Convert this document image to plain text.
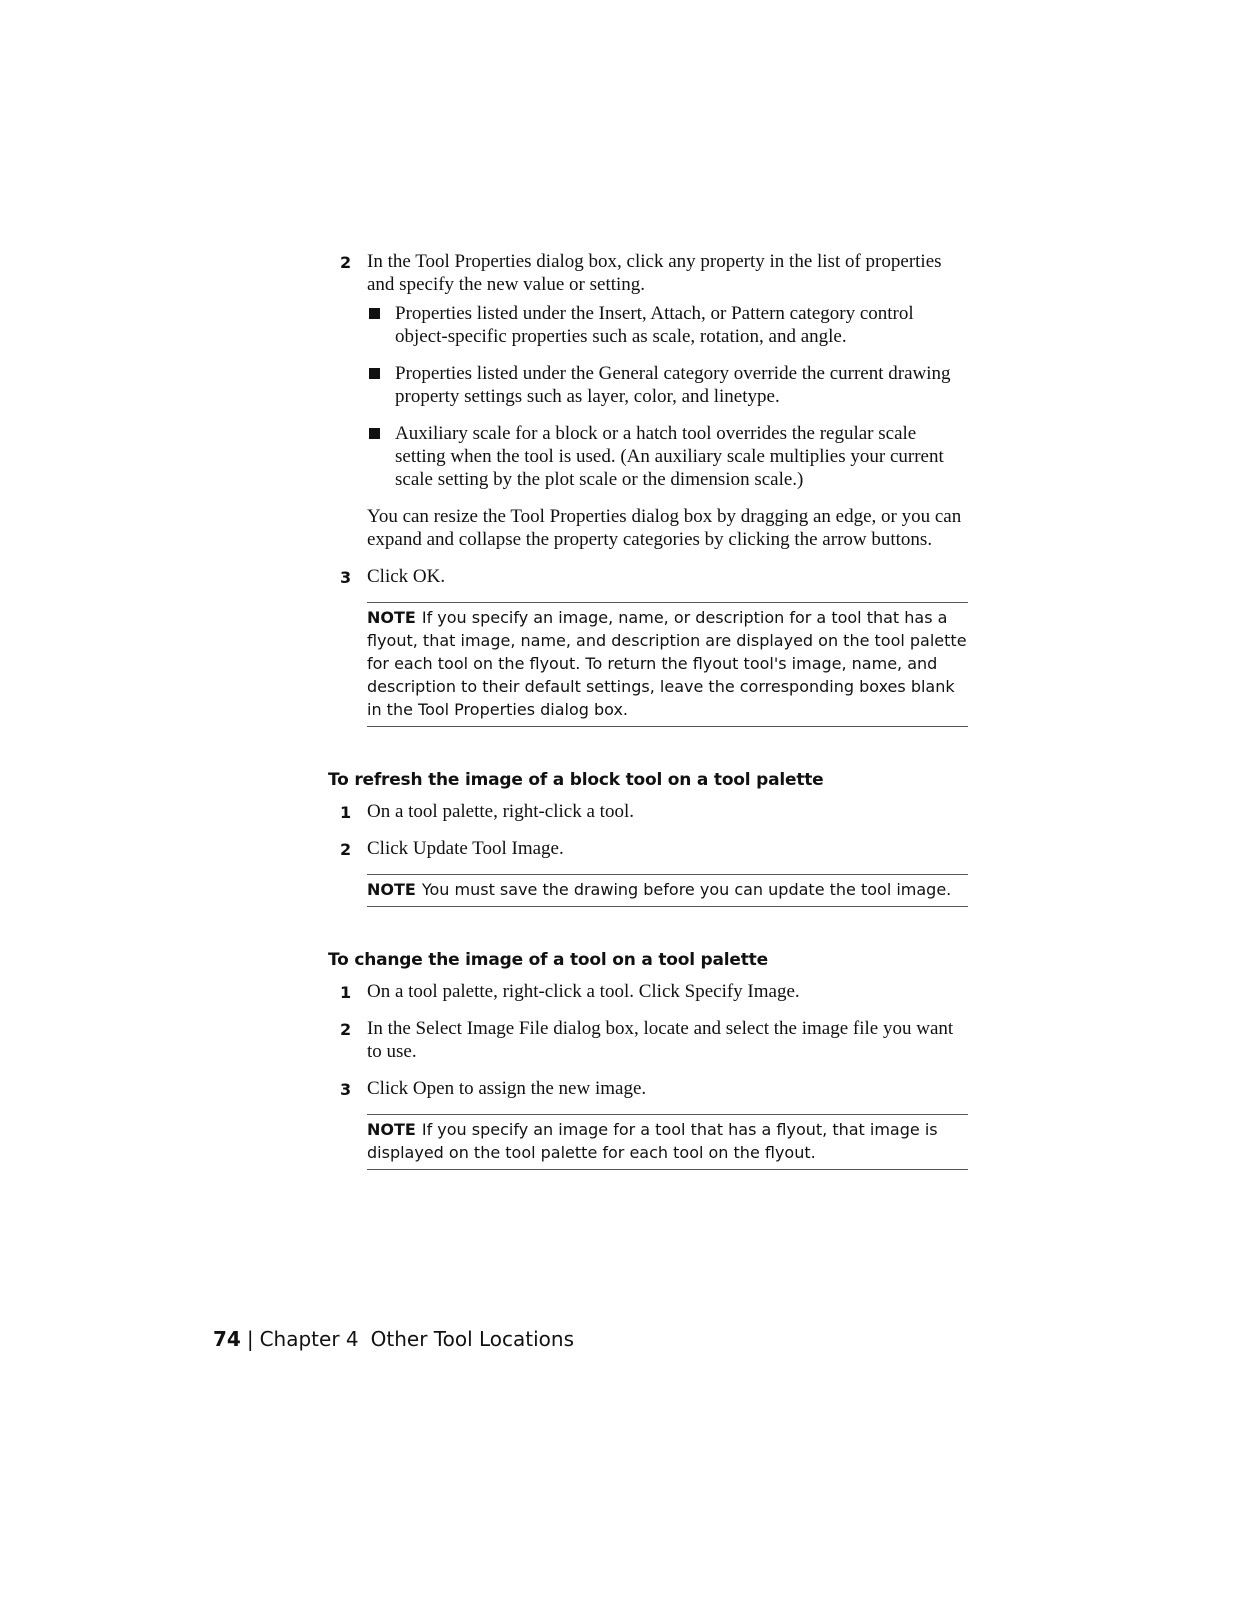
2 In the Tool Properties dialog box, click any property in the list of properties and specify the new value or setting.
Properties listed under the Insert, Attach, or Pattern category control object-specific properties such as scale, rotation, and angle.
Properties listed under the General category override the current drawing property settings such as layer, color, and linetype.
Auxiliary scale for a block or a hatch tool overrides the regular scale setting when the tool is used. (An auxiliary scale multiplies your current scale setting by the plot scale or the dimension scale.)

You can resize the Tool Properties dialog box by dragging an edge, or you can expand and collapse the property categories by clicking the arrow buttons.

3 Click OK.
NOTE If you specify an image, name, or description for a tool that has a flyout, that image, name, and description are displayed on the tool palette for each tool on the flyout. To return the flyout tool's image, name, and description to their default settings, leave the corresponding boxes blank in the Tool Properties dialog box.
To refresh the image of a block tool on a tool palette
1 On a tool palette, right-click a tool.
2 Click Update Tool Image.
NOTE You must save the drawing before you can update the tool image.
To change the image of a tool on a tool palette
1 On a tool palette, right-click a tool. Click Specify Image.
2 In the Select Image File dialog box, locate and select the image file you want to use.
3 Click Open to assign the new image.
NOTE If you specify an image for a tool that has a flyout, that image is displayed on the tool palette for each tool on the flyout.
74 | Chapter 4 Other Tool Locations
